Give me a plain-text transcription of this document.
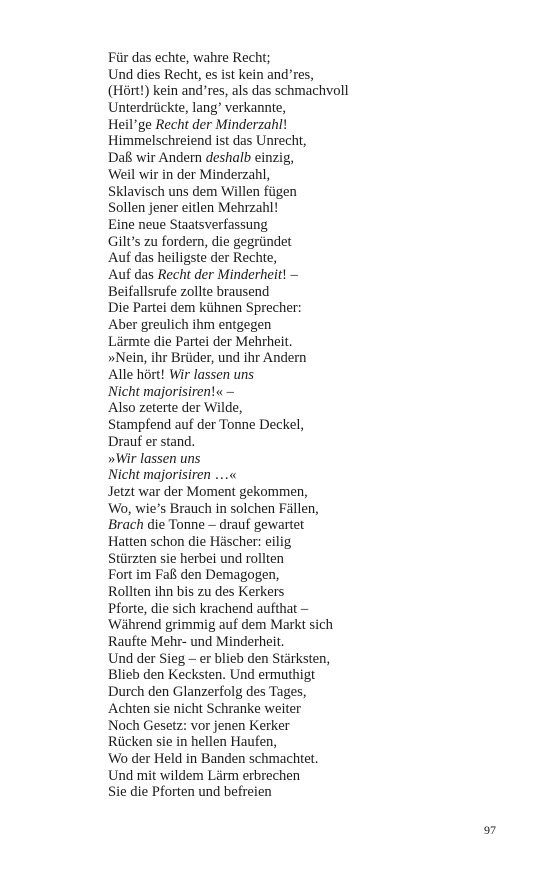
Für das echte, wahre Recht;
Und dies Recht, es ist kein and’res,
(Hört!) kein and’res, als das schmachvoll
Unterdrückte, lang’ verkannte,
Heil’ge Recht der Minderzahl!
Himmelschreiend ist das Unrecht,
Daß wir Andern deshalb einzig,
Weil wir in der Minderzahl,
Sklavisch uns dem Willen fügen
Sollen jener eitlen Mehrzahl!
Eine neue Staatsverfassung
Gilt’s zu fordern, die gegründet
Auf das heiligste der Rechte,
Auf das Recht der Minderheit! –
Beifallsrufe zollte brausend
Die Partei dem kühnen Sprecher:
Aber greulich ihm entgegen
Lärmte die Partei der Mehrheit.
»Nein, ihr Brüder, und ihr Andern
Alle hört! Wir lassen uns
Nicht majorisiren!« –
Also zeterte der Wilde,
Stampfend auf der Tonne Deckel,
Drauf er stand.
»Wir lassen uns
Nicht majorisiren …«
Jetzt war der Moment gekommen,
Wo, wie’s Brauch in solchen Fällen,
Brach die Tonne – drauf gewartet
Hatten schon die Häscher: eilig
Stürzten sie herbei und rollten
Fort im Faß den Demagogen,
Rollten ihn bis zu des Kerkers
Pforte, die sich krachend aufthat –
Während grimmig auf dem Markt sich
Raufte Mehr- und Minderheit.
Und der Sieg – er blieb den Stärksten,
Blieb den Kecksten. Und ermuthigt
Durch den Glanzerfolg des Tages,
Achten sie nicht Schranke weiter
Noch Gesetz: vor jenen Kerker
Rücken sie in hellen Haufen,
Wo der Held in Banden schmachtet.
Und mit wildem Lärm erbrechen
Sie die Pforten und befreien
97
